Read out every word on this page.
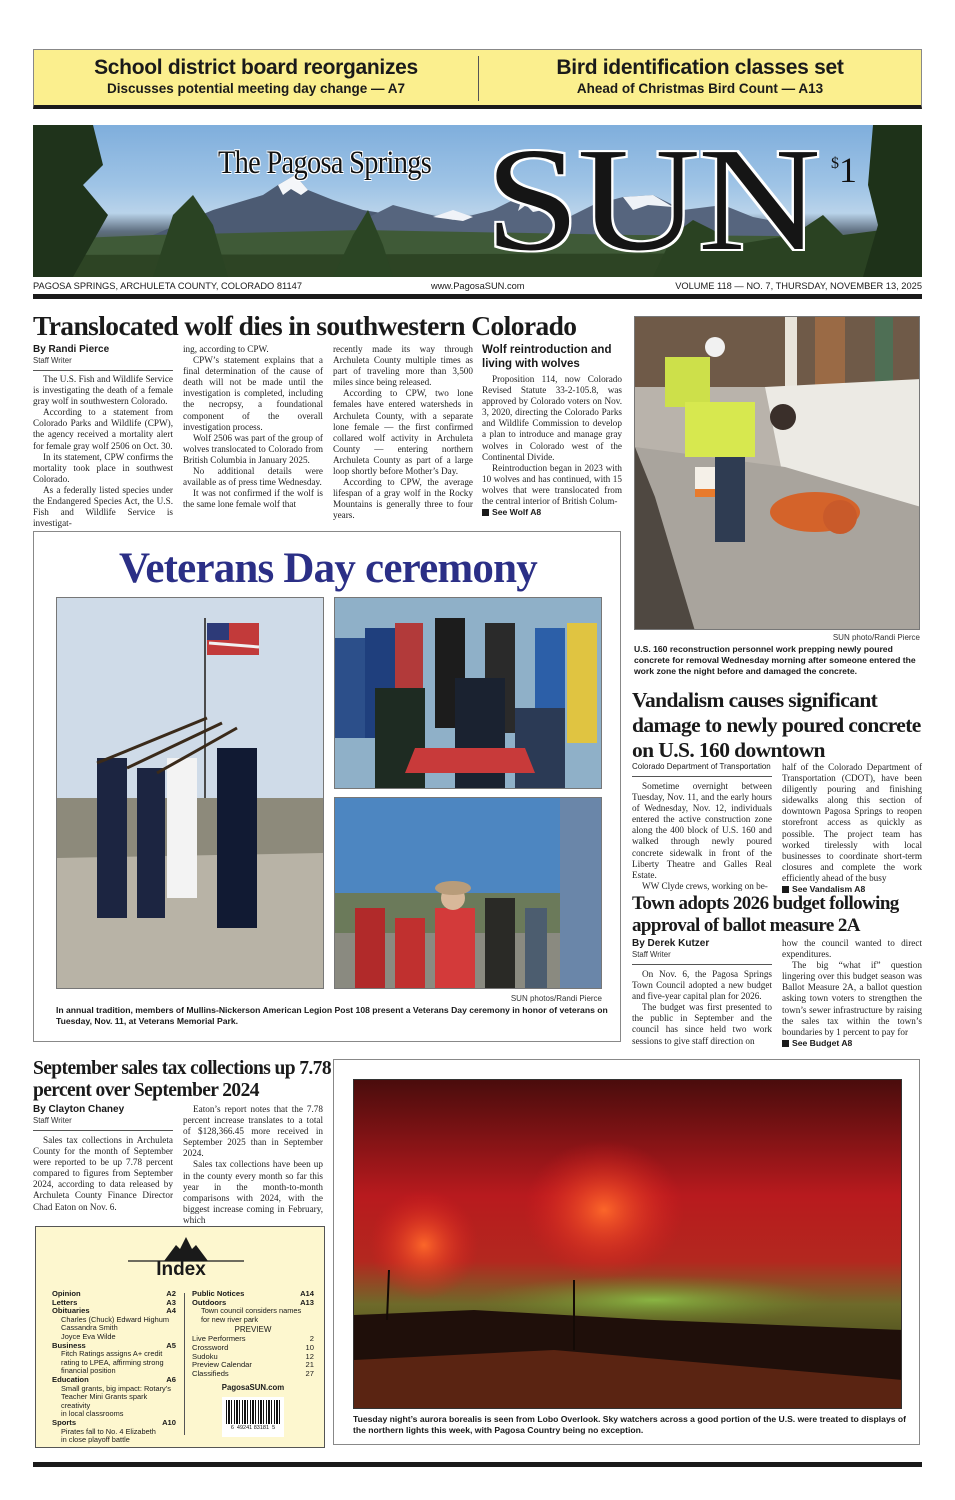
School district board reorganizes
Discusses potential meeting day change — A7
Bird identification classes set
Ahead of Christmas Bird Count — A13
The Pagosa Springs SUN $1
PAGOSA SPRINGS, ARCHULETA COUNTY, COLORADO 81147	www.PagosaSUN.com	VOLUME 118 — NO. 7, THURSDAY, NOVEMBER 13, 2025
Translocated wolf dies in southwestern Colorado
By Randi Pierce
Staff Writer

The U.S. Fish and Wildlife Service is investigating the death of a female gray wolf in southwestern Colorado.

According to a statement from Colorado Parks and Wildlife (CPW), the agency received a mortality alert for female gray wolf 2506 on Oct. 30.

In its statement, CPW confirms the mortality took place in southwest Colorado.

As a federally listed species under the Endangered Species Act, the U.S. Fish and Wildlife Service is investigat-

ing, according to CPW.

CPW’s statement explains that a final determination of the cause of death will not be made until the investigation is completed, including the necropsy, a foundational component of the overall investigation process.

Wolf 2506 was part of the group of wolves translocated to Colorado from British Columbia in January 2025.

No additional details were available as of press time Wednesday.

It was not confirmed if the wolf is the same lone female wolf that

recently made its way through Archuleta County multiple times as part of traveling more than 3,500 miles since being released.

According to CPW, two lone females have entered watersheds in Archuleta County, with a separate lone female — the first confirmed collared wolf activity in Archuleta County — entering northern Archuleta County as part of a large loop shortly before Mother’s Day.

According to CPW, the average lifespan of a gray wolf in the Rocky Mountains is generally three to four years.

Wolf reintroduction and living with wolves

Proposition 114, now Colorado Revised Statute 33-2-105.8, was approved by Colorado voters on Nov. 3, 2020, directing the Colorado Parks and Wildlife Commission to develop a plan to introduce and manage gray wolves in Colorado west of the Continental Divide.

Reintroduction began in 2023 with 10 wolves and has continued, with 15 wolves that were translocated from the central interior of British Colum-

See Wolf A8
SUN photo/Randi Pierce
U.S. 160 reconstruction personnel work prepping newly poured concrete for removal Wednesday morning after someone entered the work zone the night before and damaged the concrete.
Vandalism causes significant damage to newly poured concrete on U.S. 160 downtown
Colorado Department of Transportation

Sometime overnight between Tuesday, Nov. 11, and the early hours of Wednesday, Nov. 12, individuals entered the active construction zone along the 400 block of U.S. 160 and walked through newly poured concrete sidewalk in front of the Liberty Theatre and Galles Real Estate.

WW Clyde crews, working on be-

half of the Colorado Department of Transportation (CDOT), have been diligently pouring and finishing sidewalks along this section of downtown Pagosa Springs to reopen storefront access as quickly as possible. The project team has worked tirelessly with local businesses to coordinate short-term closures and complete the work efficiently ahead of the busy

See Vandalism A8
Town adopts 2026 budget following approval of ballot measure 2A
By Derek Kutzer
Staff Writer

On Nov. 6, the Pagosa Springs Town Council adopted a new budget and five-year capital plan for 2026.

The budget was first presented to the public in September and the council has since held two work sessions to give staff direction on

how the council wanted to direct expenditures.

The big “what if” question lingering over this budget season was Ballot Measure 2A, a ballot question asking town voters to strengthen the town’s sewer infrastructure by raising the sales tax within the town’s boundaries by 1 percent to pay for

See Budget A8
Veterans Day ceremony
SUN photos/Randi Pierce
In annual tradition, members of Mullins-Nickerson American Legion Post 108 present a Veterans Day ceremony in honor of veterans on Tuesday, Nov. 11, at Veterans Memorial Park.
September sales tax collections up 7.78 percent over September 2024
By Clayton Chaney
Staff Writer

Sales tax collections in Archuleta County for the month of September were reported to be up 7.78 percent compared to figures from September 2024, according to data released by Archuleta County Finance Director Chad Eaton on Nov. 6.

Eaton’s report notes that the 7.78 percent increase translates to a total of $128,366.45 more received in September 2025 than in September 2024.

Sales tax collections have been up in the county every month so far this year in the month-to-month comparisons with 2024, with the biggest increase coming in February, which

Index
Opinion	A2
Letters	A3
Obituaries	A4
Charles (Chuck) Edward Highum
Cassandra Smith
Joyce Eva Wilde
Business	A5
Fitch Ratings assigns A+ credit
rating to LPEA, affirming strong
financial position
Education	A6
Small grants, big impact: Rotary’s
Teacher Mini Grants spark creativity
in local classrooms
Sports	A10
Pirates fall to No. 4 Elizabeth
in close playoff battle
Public Notices	A14
Outdoors	A13
Town council considers names
for new river park
PREVIEW
Live Performers	2
Crossword	10
Sudoku	12
Preview Calendar	21
Classifieds	27
PagosaSUN.com
6  49241 83181  5
Tuesday night’s aurora borealis is seen from Lobo Overlook. Sky watchers across a good portion of the U.S. were treated to displays of the northern lights this week, with Pagosa Country being no exception.
